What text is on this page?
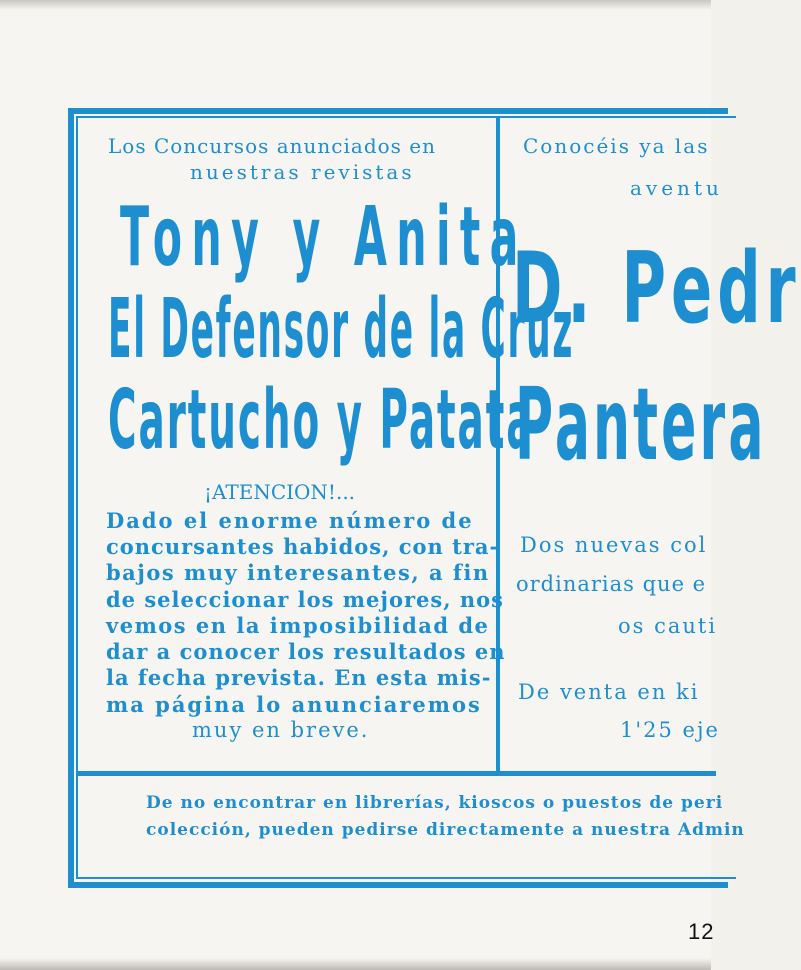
Los Concursos anunciados en
nuestras revistas
Tony y Anita
El Defensor de la Cruz
Cartucho y Patata
¡ATENCION!...
Dado el enorme número de
concursantes habidos, con tra-
bajos muy interesantes, a fin
de seleccionar los mejores, nos
vemos en la imposibilidad de
dar a conocer los resultados en
la fecha prevista. En esta mis-
ma página lo anunciaremos
muy en breve.
Conocéis ya las
aventu
D. Pedr
Pantera
Dos nuevas col
ordinarias que e
os cauti
De venta en ki
1'25 eje
De no encontrar en librerías, kioscos o puestos de peri
colección, pueden pedirse directamente a nuestra Admin
12
